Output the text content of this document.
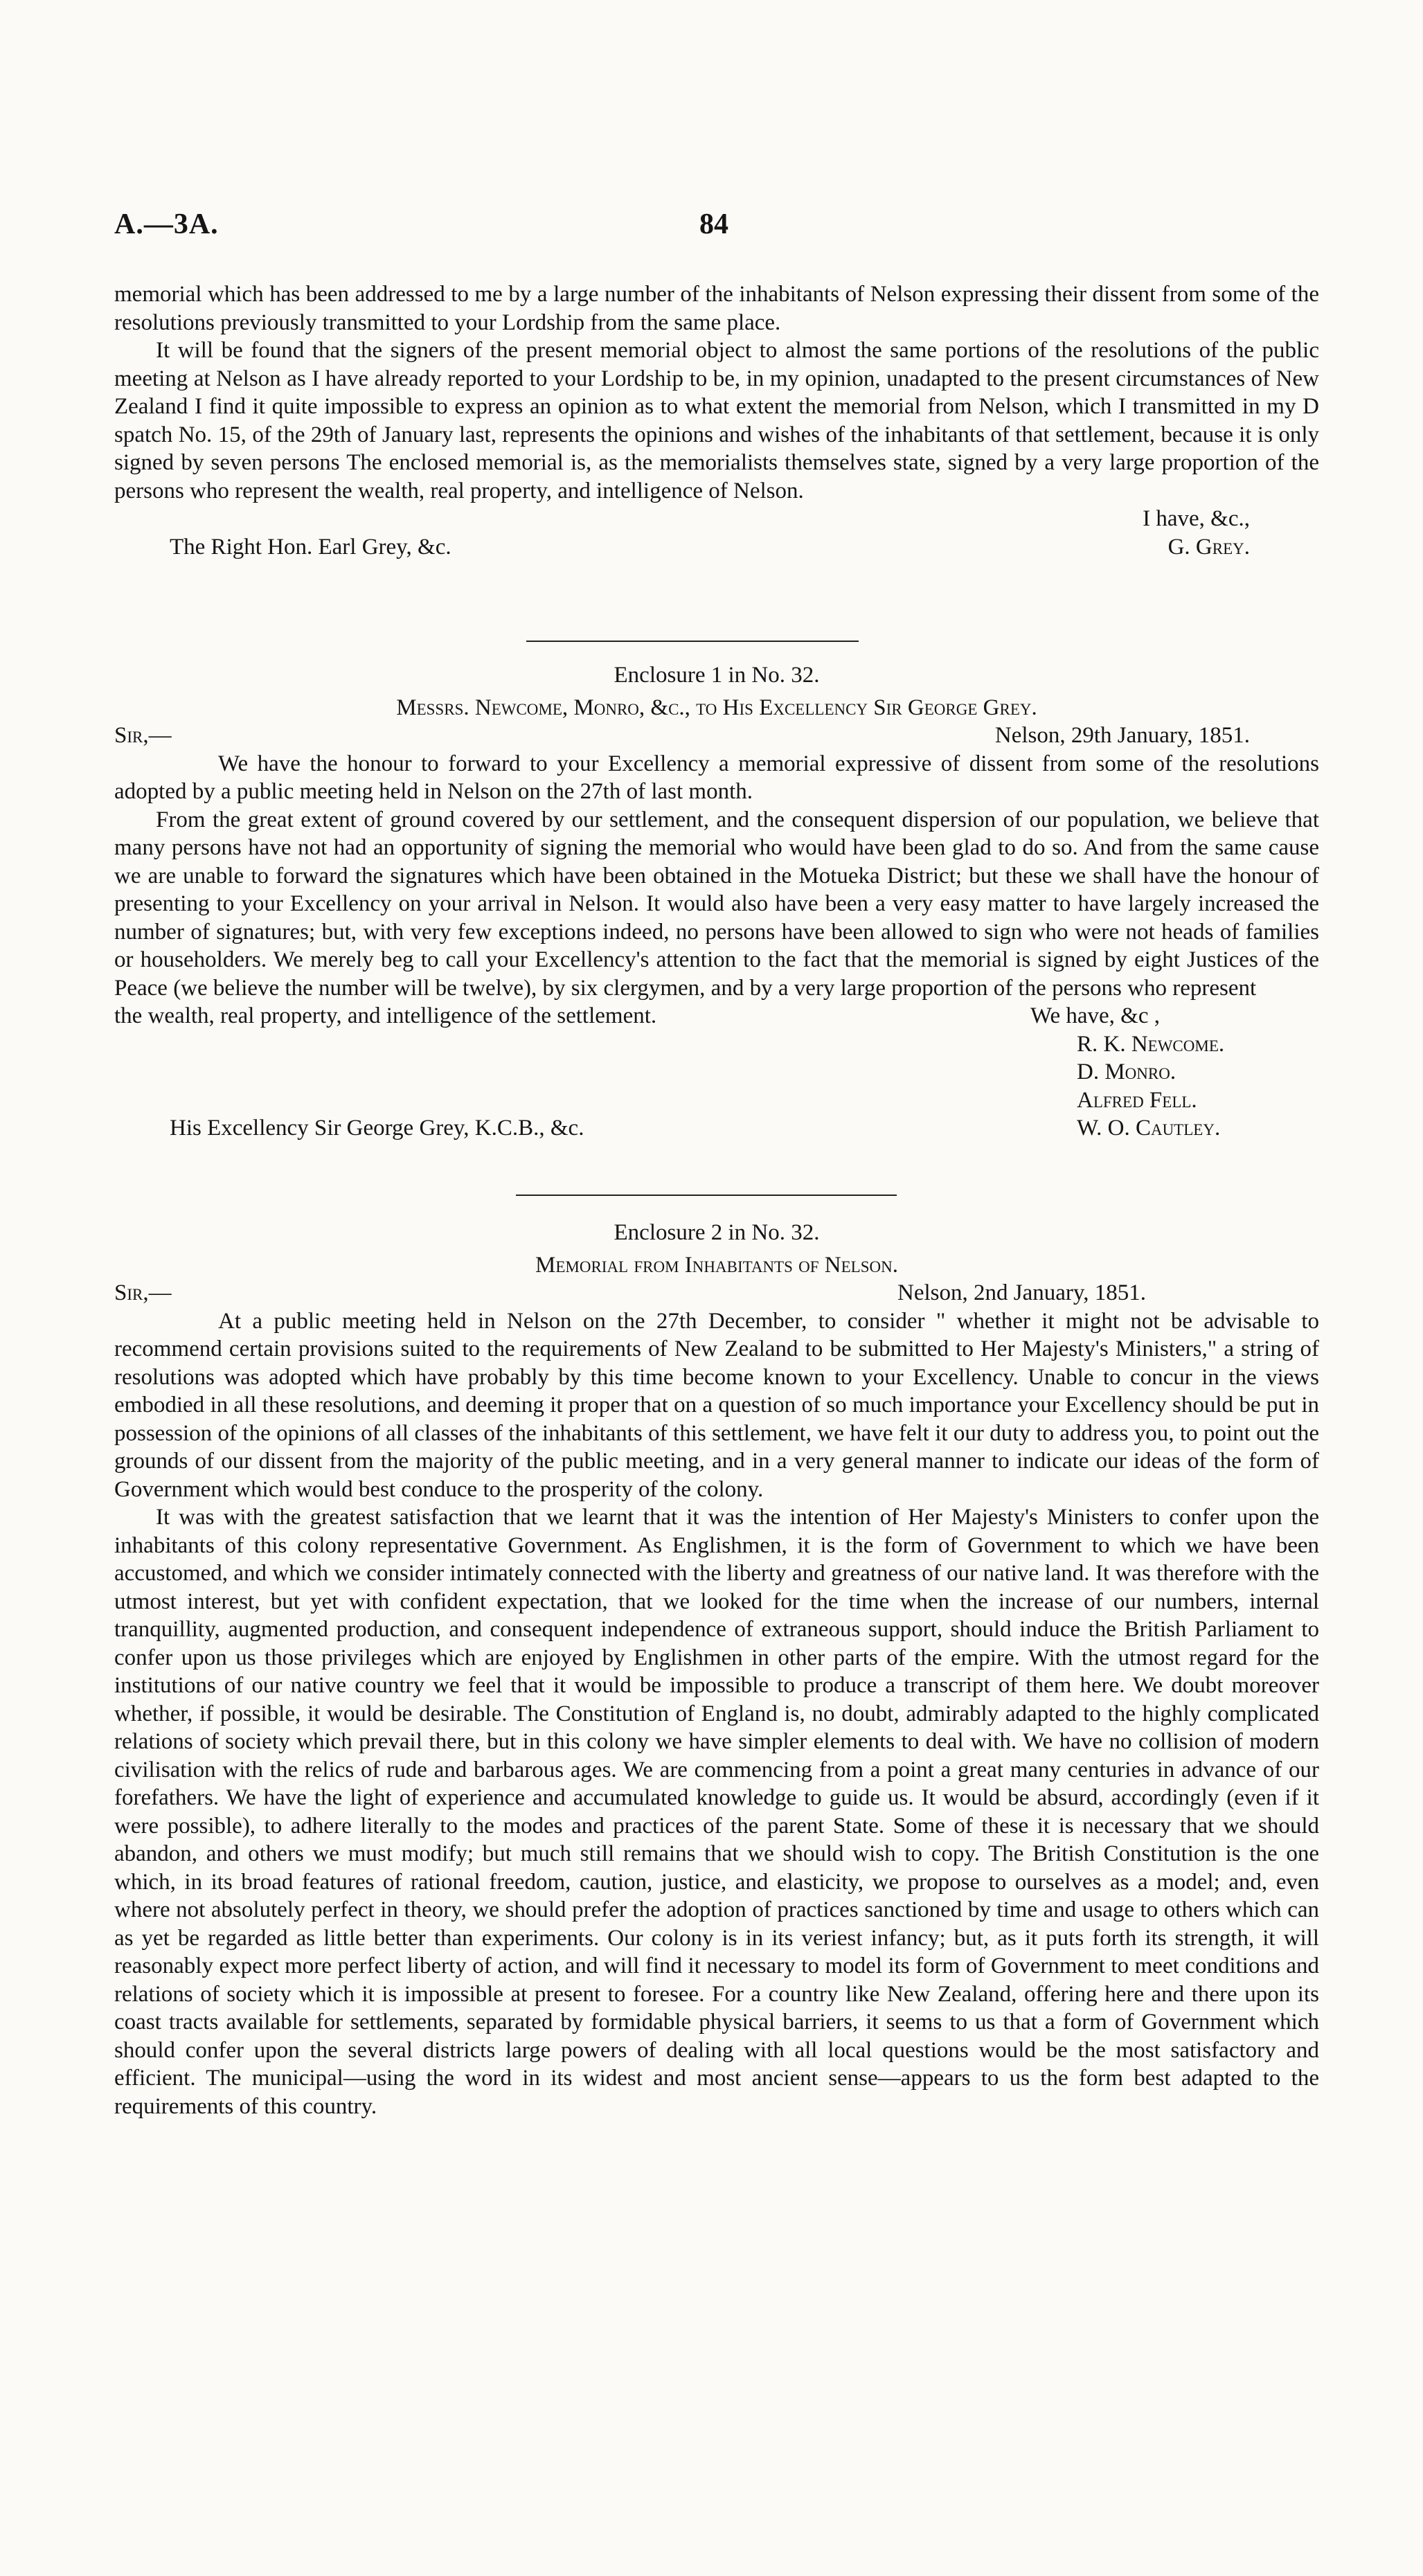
A.—3A.	84

memorial which has been addressed to me by a large number of the inhabitants of Nelson expressing their dissent from some of the resolutions previously transmitted to your Lordship from the same place.

It will be found that the signers of the present memorial object to almost the same portions of the resolutions of the public meeting at Nelson as I have already reported to your Lordship to be, in my opinion, unadapted to the present circumstances of New Zealand I find it quite impossible to express an opinion as to what extent the memorial from Nelson, which I transmitted in my D spatch No. 15, of the 29th of January last, represents the opinions and wishes of the inhabitants of that settlement, because it is only signed by seven persons The enclosed memorial is, as the memorialists themselves state, signed by a very large proportion of the persons who represent the wealth, real property, and intelligence of Nelson.

I have, &c.,
The Right Hon. Earl Grey, &c.	G. Grey.
Enclosure 1 in No. 32.
Messrs. Newcome, Monro, &c., to His Excellency Sir George Grey.
Sir,—	Nelson, 29th January, 1851.

We have the honour to forward to your Excellency a memorial expressive of dissent from some of the resolutions adopted by a public meeting held in Nelson on the 27th of last month.

From the great extent of ground covered by our settlement, and the consequent dispersion of our population, we believe that many persons have not had an opportunity of signing the memorial who would have been glad to do so. And from the same cause we are unable to forward the signatures which have been obtained in the Motueka District; but these we shall have the honour of presenting to your Excellency on your arrival in Nelson. It would also have been a very easy matter to have largely increased the number of signatures; but, with very few exceptions indeed, no persons have been allowed to sign who were not heads of families or householders. We merely beg to call your Excellency's attention to the fact that the memorial is signed by eight Justices of the Peace (we believe the number will be twelve), by six clergymen, and by a very large proportion of the persons who represent

the wealth, real property, and intelligence of the settlement.	We have, &c ,
R. K. Newcome.
D. Monro.
Alfred Fell.
His Excellency Sir George Grey, K.C.B., &c.	W. O. Cautley.
Enclosure 2 in No. 32.
Memorial from Inhabitants of Nelson.
Sir,—	Nelson, 2nd January, 1851.

At a public meeting held in Nelson on the 27th December, to consider " whether it might not be advisable to recommend certain provisions suited to the requirements of New Zealand to be submitted to Her Majesty's Ministers," a string of resolutions was adopted which have probably by this time become known to your Excellency. Unable to concur in the views embodied in all these resolutions, and deeming it proper that on a question of so much importance your Excellency should be put in possession of the opinions of all classes of the inhabitants of this settlement, we have felt it our duty to address you, to point out the grounds of our dissent from the majority of the public meeting, and in a very general manner to indicate our ideas of the form of Government which would best conduce to the prosperity of the colony.

It was with the greatest satisfaction that we learnt that it was the intention of Her Majesty's Ministers to confer upon the inhabitants of this colony representative Government. As Englishmen, it is the form of Government to which we have been accustomed, and which we consider intimately connected with the liberty and greatness of our native land. It was therefore with the utmost interest, but yet with confident expectation, that we looked for the time when the increase of our numbers, internal tranquillity, augmented production, and consequent independence of extraneous support, should induce the British Parliament to confer upon us those privileges which are enjoyed by Englishmen in other parts of the empire. With the utmost regard for the institutions of our native country we feel that it would be impossible to produce a transcript of them here. We doubt moreover whether, if possible, it would be desirable. The Constitution of England is, no doubt, admirably adapted to the highly complicated relations of society which prevail there, but in this colony we have simpler elements to deal with. We have no collision of modern civilisation with the relics of rude and barbarous ages. We are commencing from a point a great many centuries in advance of our forefathers. We have the light of experience and accumulated knowledge to guide us. It would be absurd, accordingly (even if it were possible), to adhere literally to the modes and practices of the parent State. Some of these it is necessary that we should abandon, and others we must modify; but much still remains that we should wish to copy. The British Constitution is the one which, in its broad features of rational freedom, caution, justice, and elasticity, we propose to ourselves as a model; and, even where not absolutely perfect in theory, we should prefer the adoption of practices sanctioned by time and usage to others which can as yet be regarded as little better than experiments. Our colony is in its veriest infancy; but, as it puts forth its strength, it will reasonably expect more perfect liberty of action, and will find it necessary to model its form of Government to meet conditions and relations of society which it is impossible at present to foresee. For a country like New Zealand, offering here and there upon its coast tracts available for settlements, separated by formidable physical barriers, it seems to us that a form of Government which should confer upon the several districts large powers of dealing with all local questions would be the most satisfactory and efficient. The municipal—using the word in its widest and most ancient sense—appears to us the form best adapted to the requirements of this country.
